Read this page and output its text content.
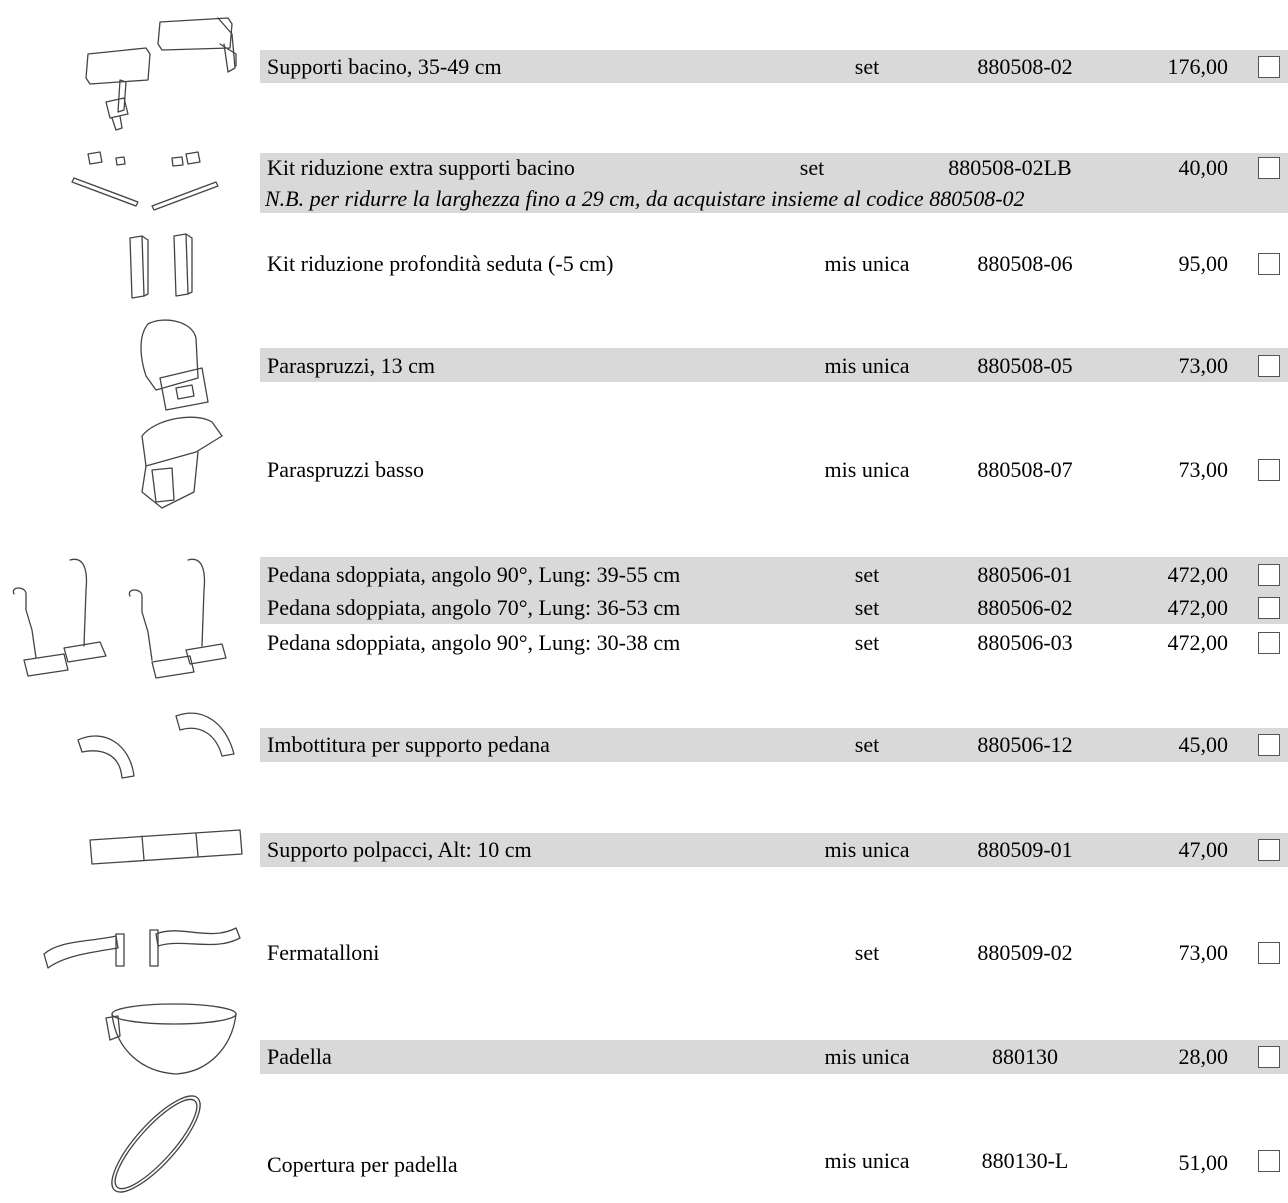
Supporti bacino, 35-49 cm	set	880508-02	176,00
Kit riduzione extra supporti bacino	set	880508-02LB	40,00
N.B. per ridurre la larghezza fino a 29 cm, da acquistare insieme al codice 880508-02
Kit riduzione profondità seduta (-5 cm)	mis unica	880508-06	95,00
Paraspruzzi, 13 cm	mis unica	880508-05	73,00
Paraspruzzi basso	mis unica	880508-07	73,00
Pedana sdoppiata, angolo 90°, Lung: 39-55 cm	set	880506-01	472,00
Pedana sdoppiata, angolo 70°, Lung: 36-53 cm	set	880506-02	472,00
Pedana sdoppiata, angolo 90°, Lung: 30-38 cm	set	880506-03	472,00
Imbottitura per supporto pedana	set	880506-12	45,00
Supporto polpacci, Alt: 10 cm	mis unica	880509-01	47,00
Fermatalloni	set	880509-02	73,00
Padella	mis unica	880130	28,00
Copertura per padella	mis unica	880130-L	51,00
